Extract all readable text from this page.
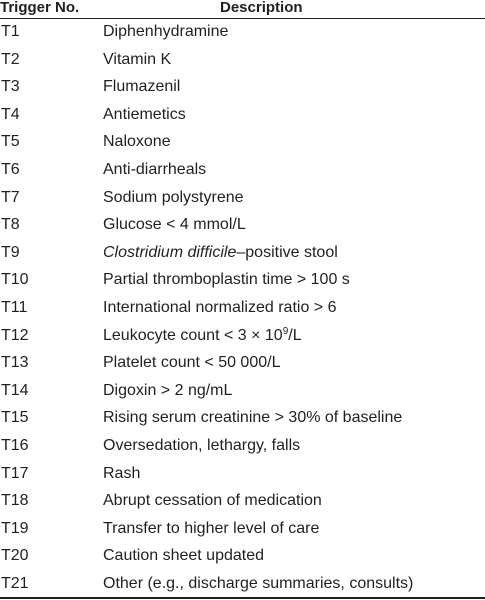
Trigger No.	Description
T1	Diphenhydramine
T2	Vitamin K
T3	Flumazenil
T4	Antiemetics
T5	Naloxone
T6	Anti-diarrheals
T7	Sodium polystyrene
T8	Glucose < 4 mmol/L
T9	Clostridium difficile–positive stool
T10	Partial thromboplastin time > 100 s
T11	International normalized ratio > 6
T12	Leukocyte count < $3 \times 10^9/L$
T13	Platelet count < 50 000/L
T14	Digoxin > 2 ng/mL
T15	Rising serum creatinine > 30% of baseline
T16	Oversedation, lethargy, falls
T17	Rash
T18	Abrupt cessation of medication
T19	Transfer to higher level of care
T20	Caution sheet updated
T21	Other (e.g., discharge summaries, consults)
